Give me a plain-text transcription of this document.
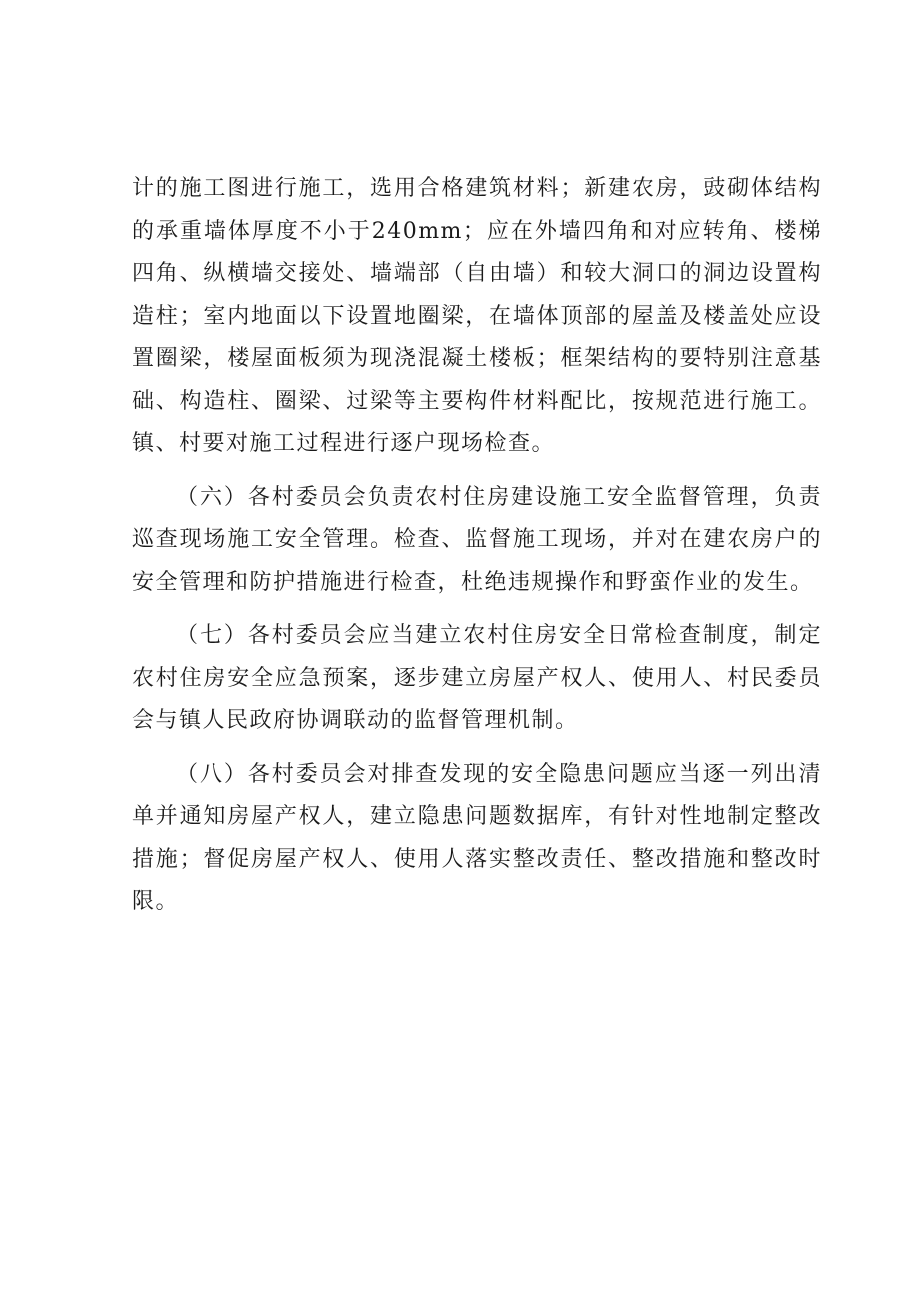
计的施工图进行施工，选用合格建筑材料；新建农房，豉砌体结构的承重墙体厚度不小于240mm；应在外墙四角和对应转角、楼梯四角、纵横墙交接处、墙端部（自由墙）和较大洞口的洞边设置构造柱；室内地面以下设置地圈梁，在墙体顶部的屋盖及楼盖处应设置圈梁，楼屋面板须为现浇混凝土楼板；框架结构的要特别注意基础、构造柱、圈梁、过梁等主要构件材料配比，按规范进行施工。镇、村要对施工过程进行逐户现场检查。

（六）各村委员会负责农村住房建设施工安全监督管理，负责巡查现场施工安全管理。检查、监督施工现场，并对在建农房户的安全管理和防护措施进行检查，杜绝违规操作和野蛮作业的发生。

（七）各村委员会应当建立农村住房安全日常检查制度，制定农村住房安全应急预案，逐步建立房屋产权人、使用人、村民委员会与镇人民政府协调联动的监督管理机制。

（八）各村委员会对排查发现的安全隐患问题应当逐一列出清单并通知房屋产权人，建立隐患问题数据库，有针对性地制定整改措施；督促房屋产权人、使用人落实整改责任、整改措施和整改时限。
